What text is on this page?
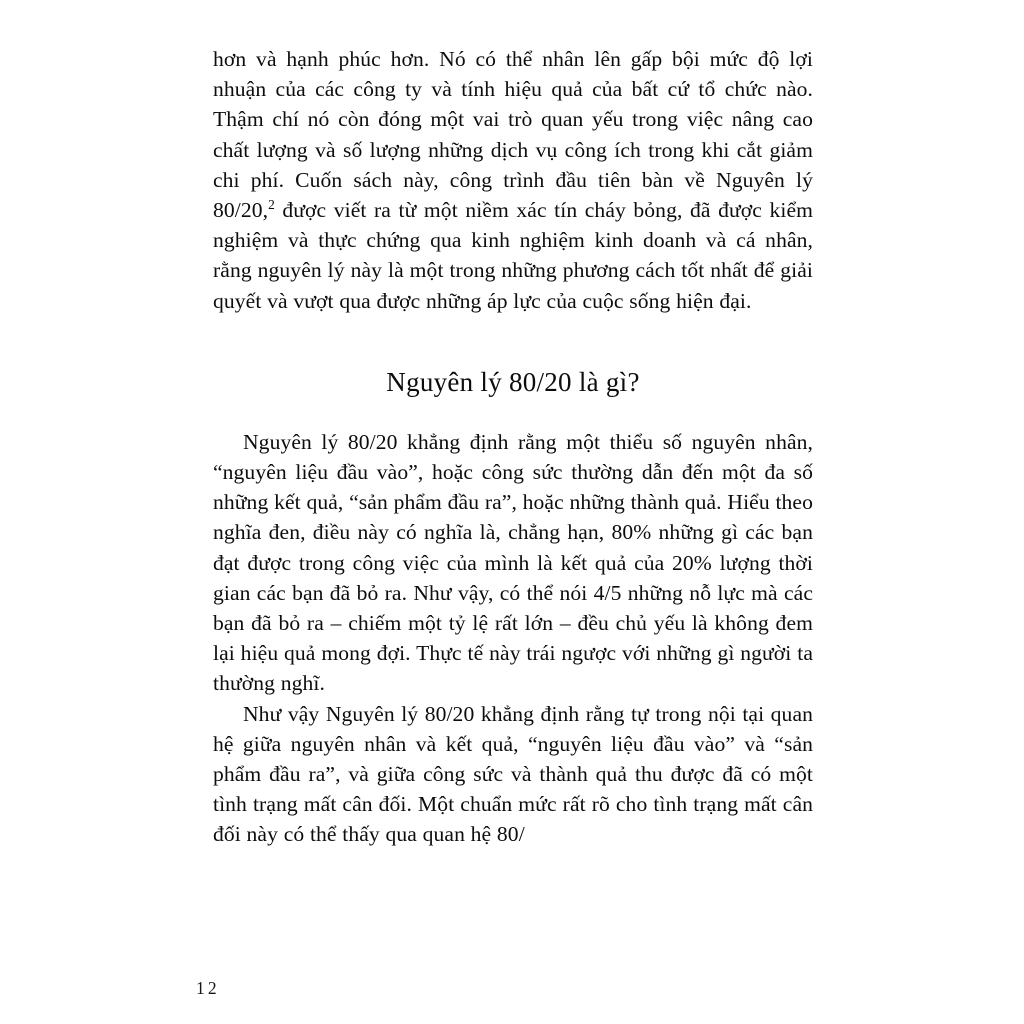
hơn và hạnh phúc hơn. Nó có thể nhân lên gấp bội mức độ lợi nhuận của các công ty và tính hiệu quả của bất cứ tổ chức nào. Thậm chí nó còn đóng một vai trò quan yếu trong việc nâng cao chất lượng và số lượng những dịch vụ công ích trong khi cắt giảm chi phí. Cuốn sách này, công trình đầu tiên bàn về Nguyên lý 80/20,$^2$ được viết ra từ một niềm xác tín cháy bỏng, đã được kiểm nghiệm và thực chứng qua kinh nghiệm kinh doanh và cá nhân, rằng nguyên lý này là một trong những phương cách tốt nhất để giải quyết và vượt qua được những áp lực của cuộc sống hiện đại.

Nguyên lý 80/20 là gì?

Nguyên lý 80/20 khẳng định rằng một thiểu số nguyên nhân, “nguyên liệu đầu vào”, hoặc công sức thường dẫn đến một đa số những kết quả, “sản phẩm đầu ra”, hoặc những thành quả. Hiểu theo nghĩa đen, điều này có nghĩa là, chẳng hạn, 80% những gì các bạn đạt được trong công việc của mình là kết quả của 20% lượng thời gian các bạn đã bỏ ra. Như vậy, có thể nói 4/5 những nỗ lực mà các bạn đã bỏ ra – chiếm một tỷ lệ rất lớn – đều chủ yếu là không đem lại hiệu quả mong đợi. Thực tế này trái ngược với những gì người ta thường nghĩ.

Như vậy Nguyên lý 80/20 khẳng định rằng tự trong nội tại quan hệ giữa nguyên nhân và kết quả, “nguyên liệu đầu vào” và “sản phẩm đầu ra”, và giữa công sức và thành quả thu được đã có một tình trạng mất cân đối. Một chuẩn mức rất rõ cho tình trạng mất cân đối này có thể thấy qua quan hệ 80/

12
